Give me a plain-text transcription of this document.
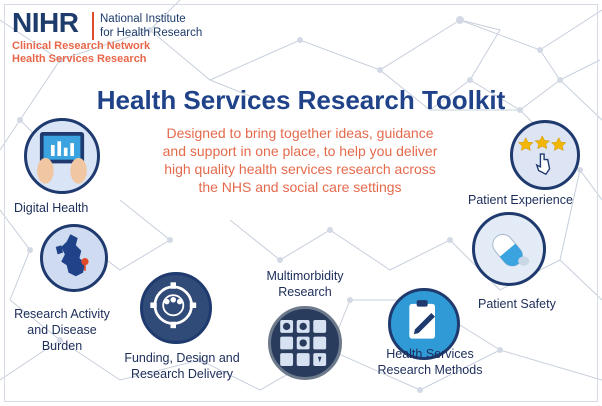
NIHR National Institute
for Health Research
Clinical Research Network
Health Services Research
Health Services Research Toolkit
Designed to bring together ideas, guidance
and support in one place, to help you deliver
high quality health services research across
the NHS and social care settings
Digital Health
Research Activity
and Disease
Burden
Funding, Design and
Research Delivery
Multimorbidity
Research
Health Services
Research Methods
Patient Safety
Patient Experience
